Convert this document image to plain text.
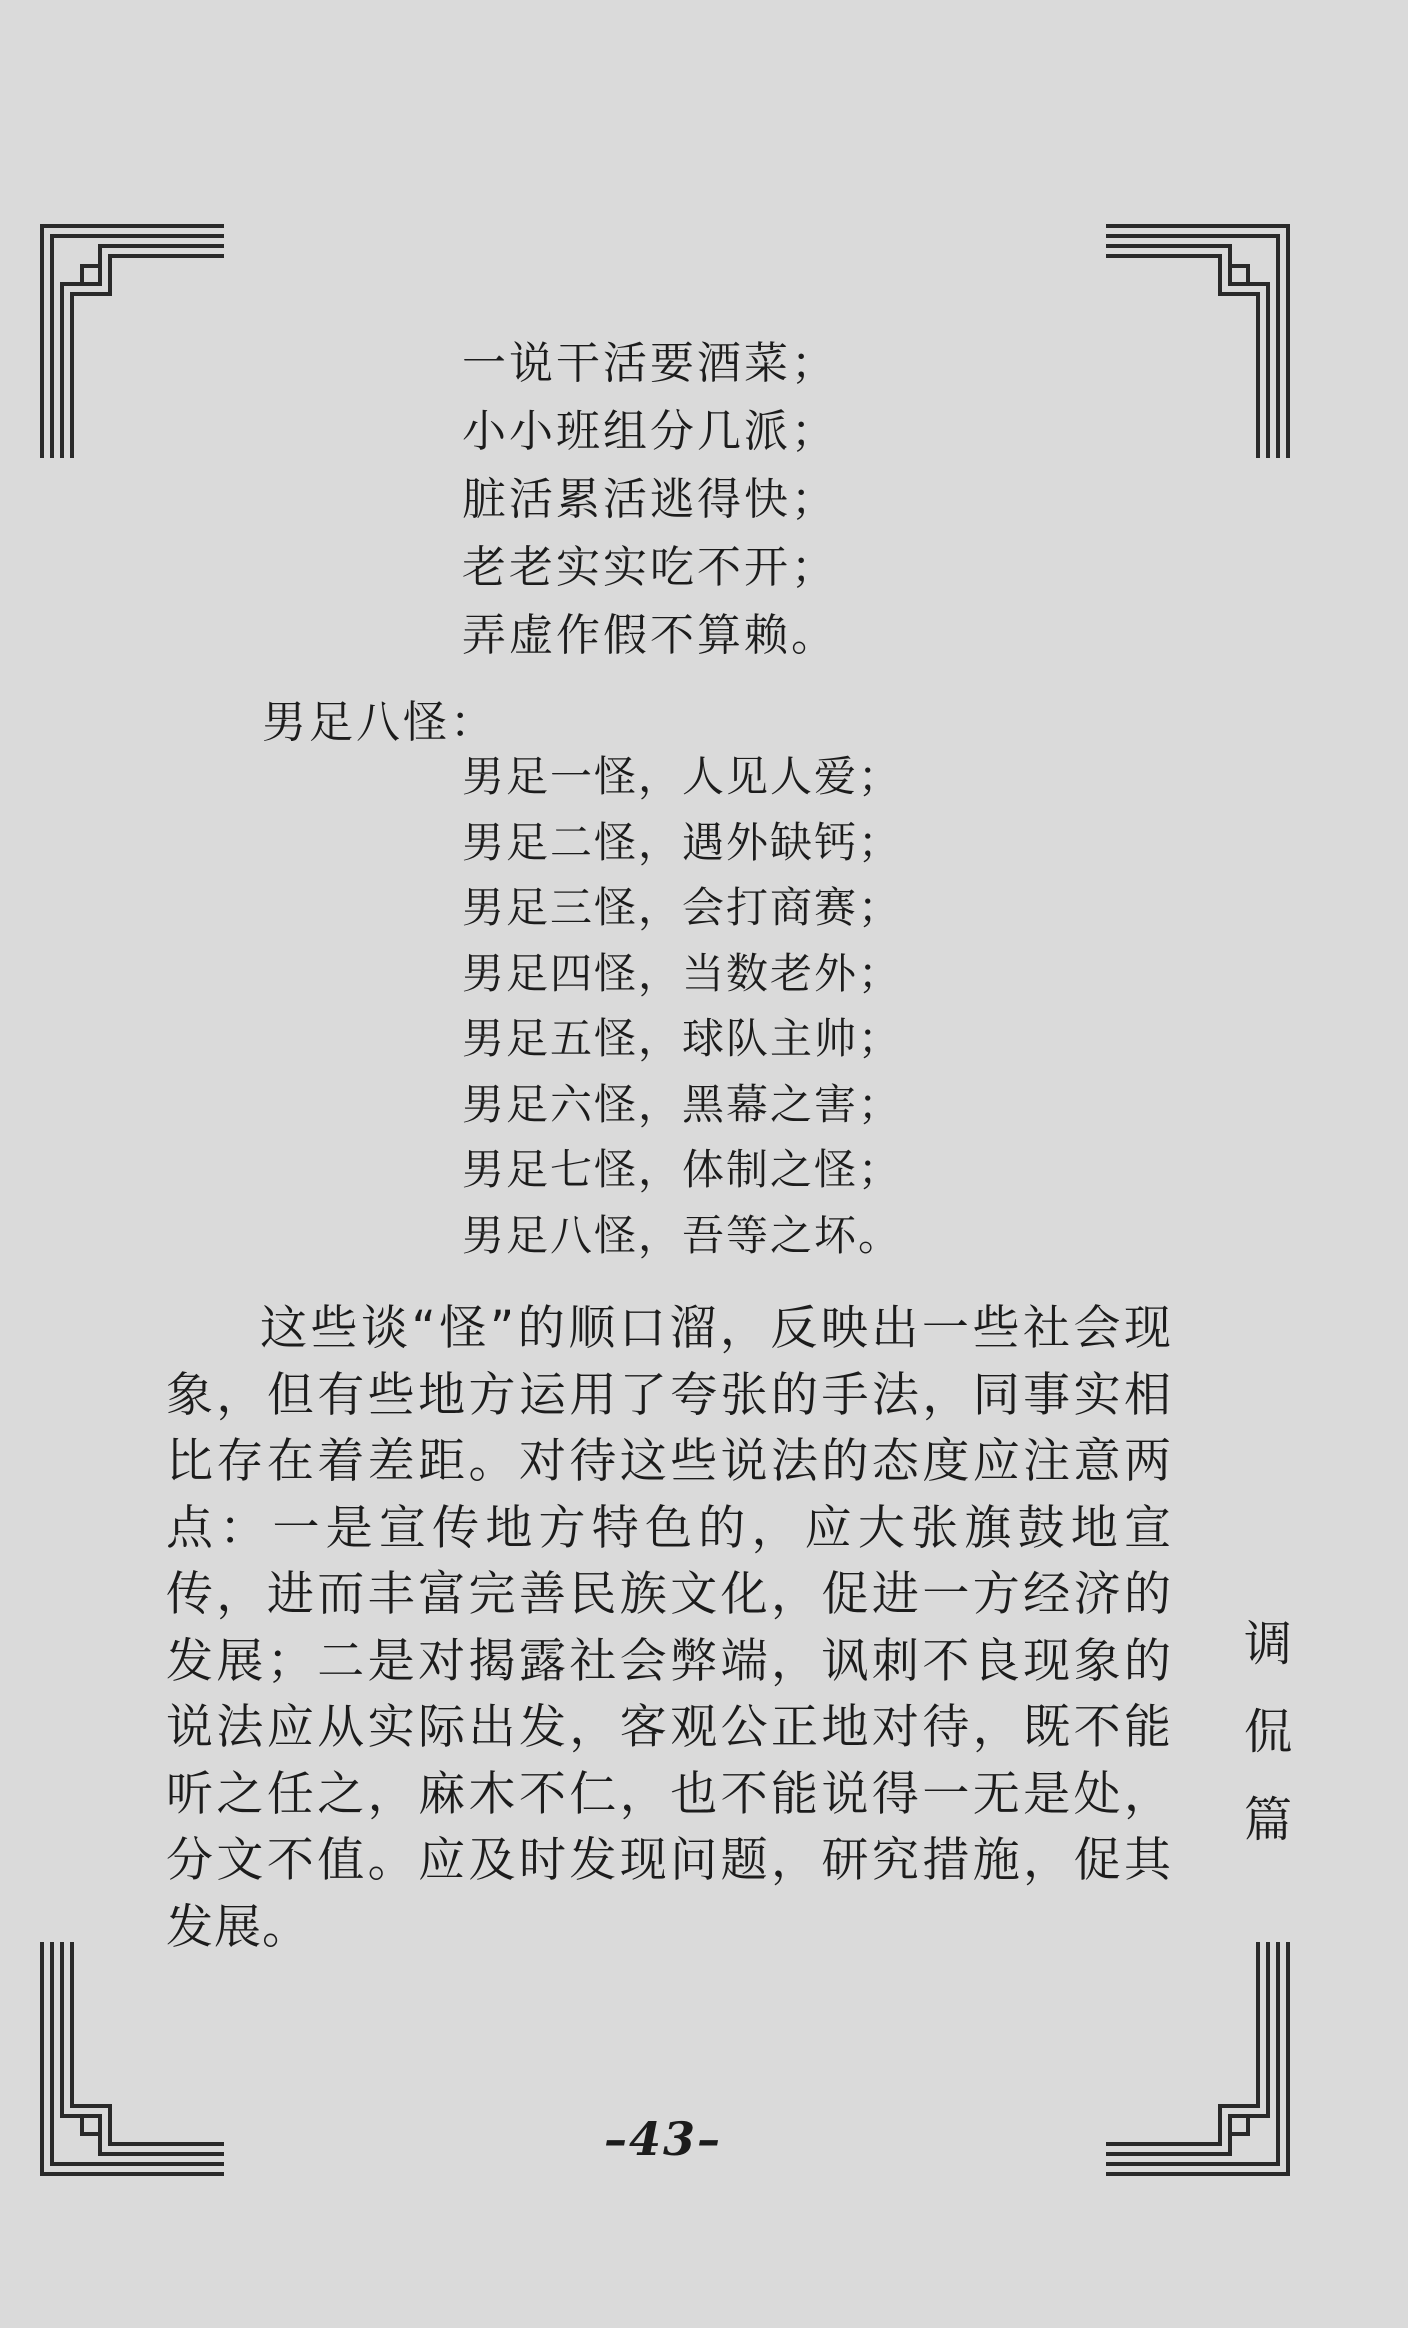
一说干活要酒菜；
小小班组分几派；
脏活累活逃得快；
老老实实吃不开；
弄虚作假不算赖。
男足八怪：
男足一怪，人见人爱；
男足二怪，遇外缺钙；
男足三怪，会打商赛；
男足四怪，当数老外；
男足五怪，球队主帅；
男足六怪，黑幕之害；
男足七怪，体制之怪；
男足八怪，吾等之坏。

这些谈“怪”的顺口溜，反映出一些社会现象，但有些地方运用了夸张的手法，同事实相比存在着差距。对待这些说法的态度应注意两点：一是宣传地方特色的，应大张旗鼓地宣传，进而丰富完善民族文化，促进一方经济的发展；二是对揭露社会弊端，讽刺不良现象的说法应从实际出发，客观公正地对待，既不能听之任之，麻木不仁，也不能说得一无是处，分文不值。应及时发现问题，研究措施，促其发展。

调
侃
篇
–43–
